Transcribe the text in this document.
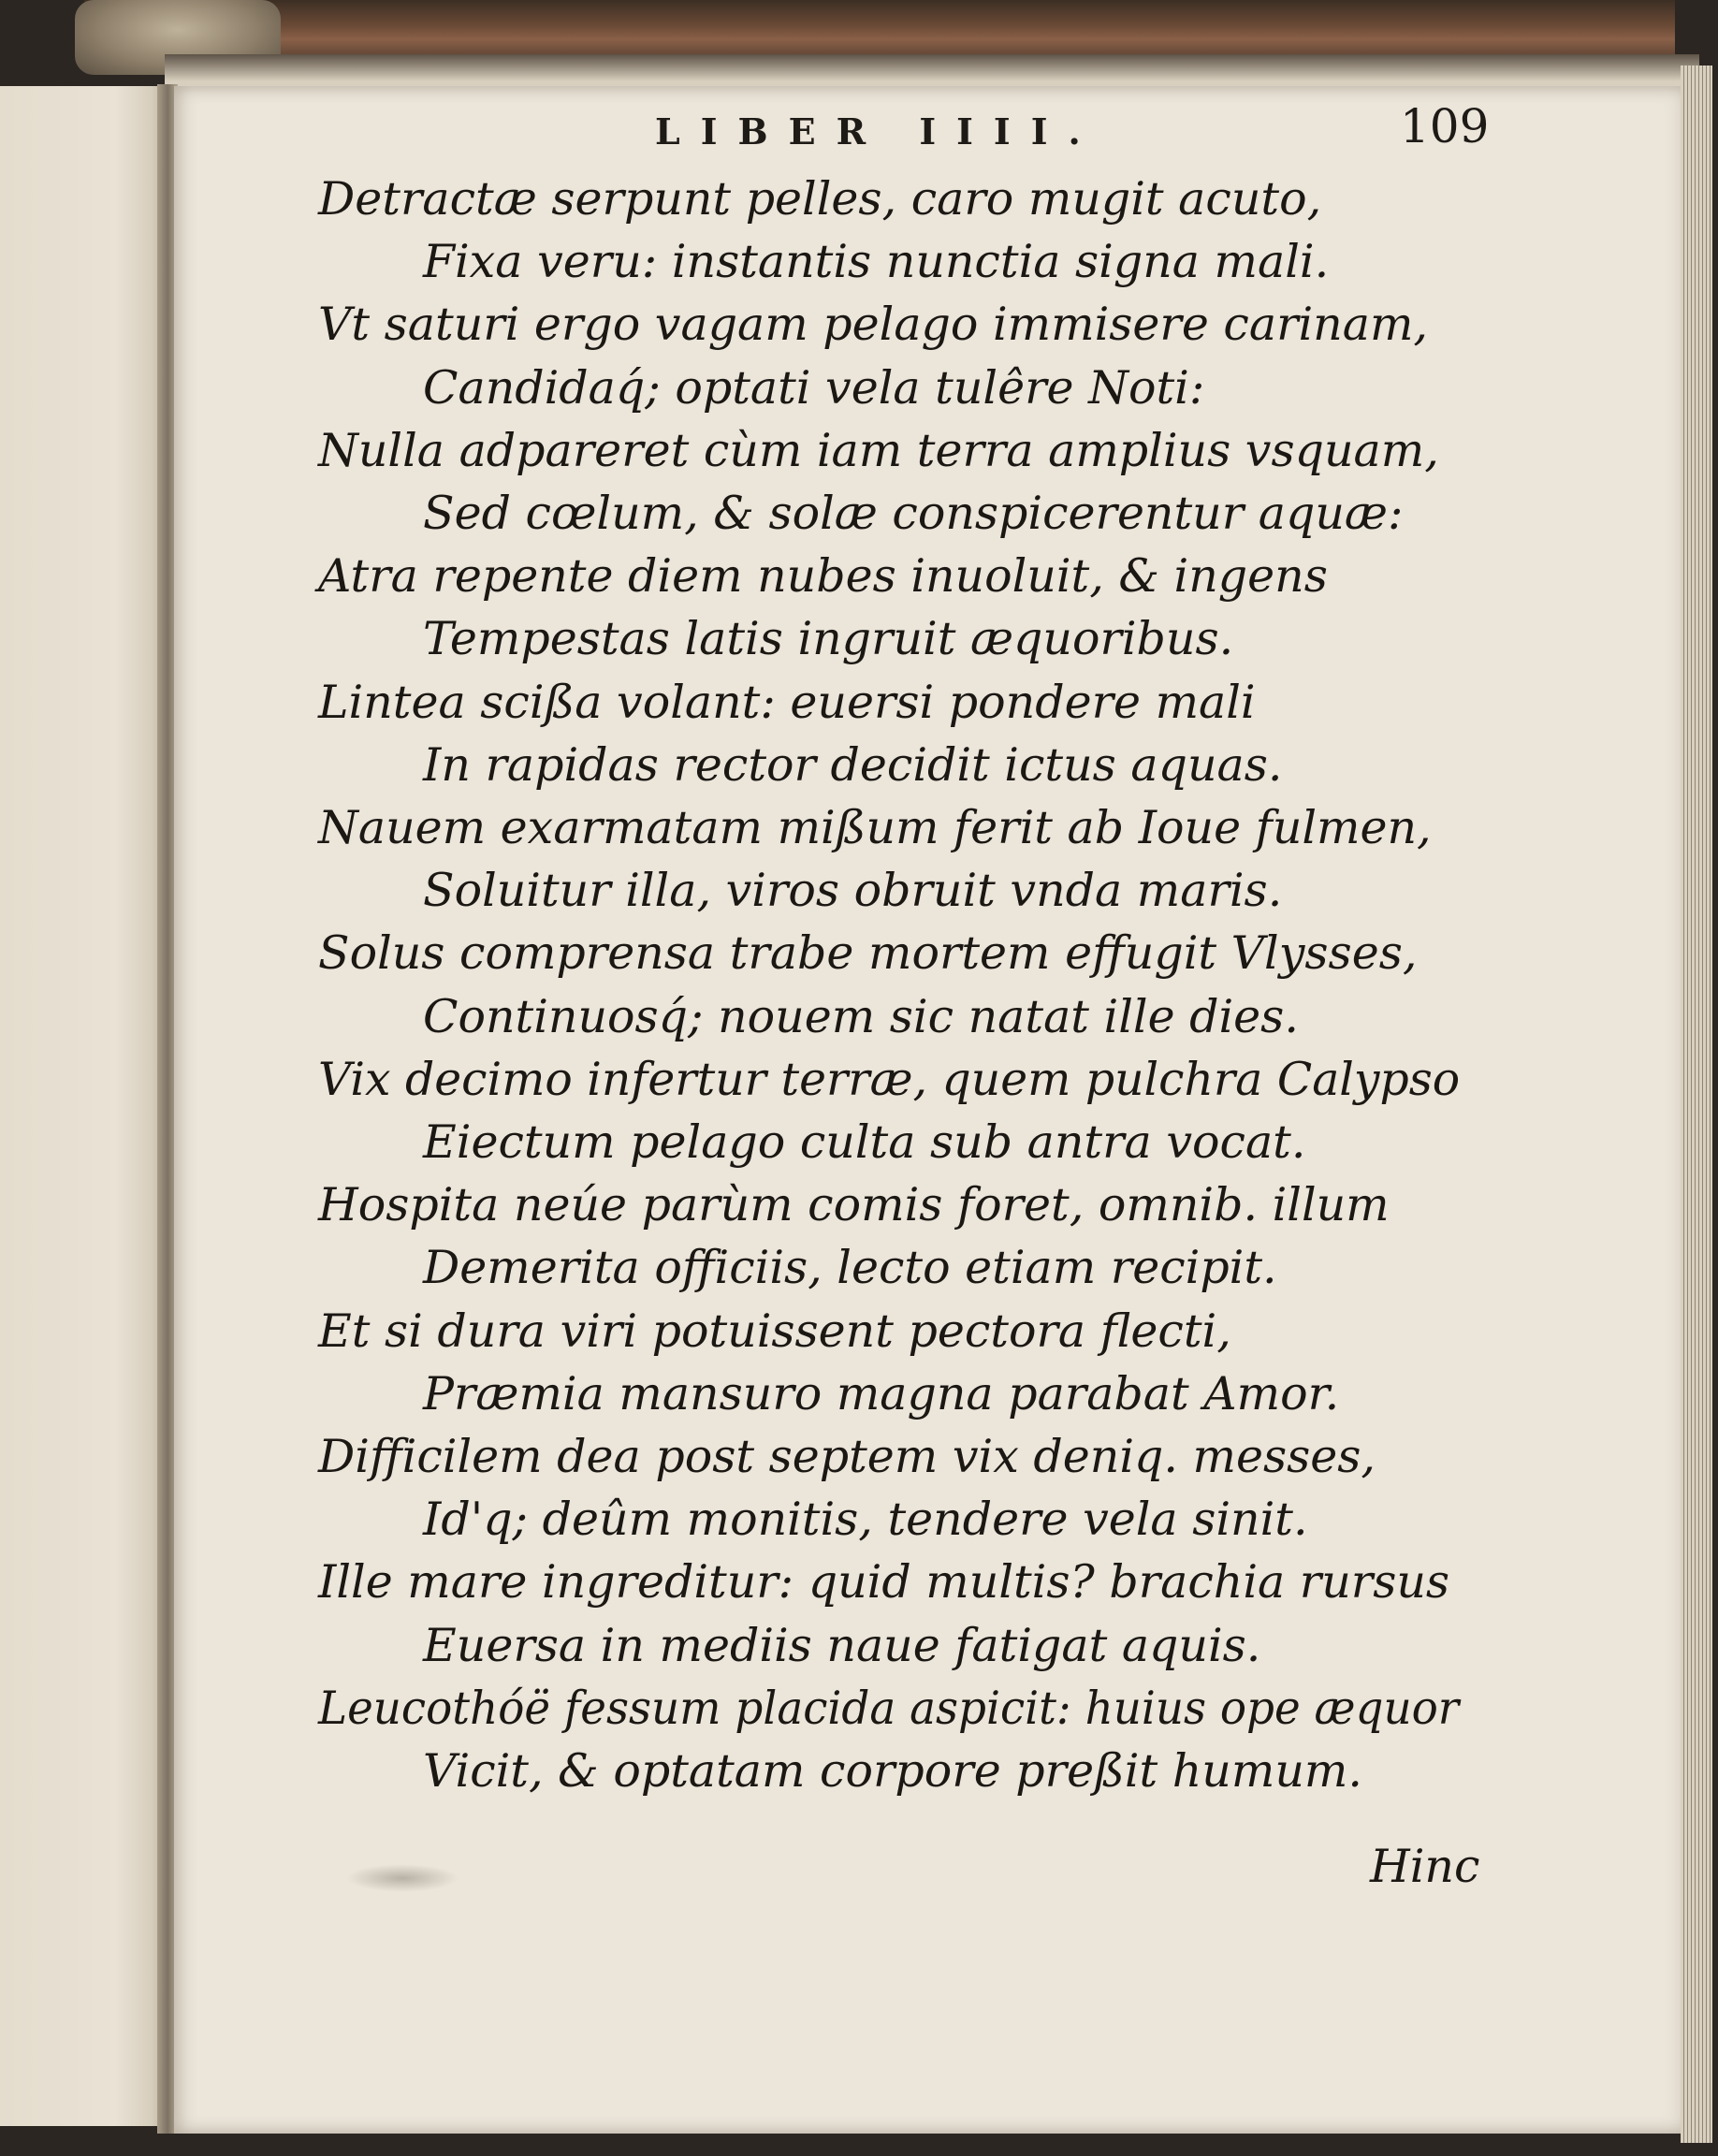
LIBER IIII.	109
Detractæ serpunt pelles, caro mugit acuto,
Fixa veru: instantis nunctia signa mali.
Vt saturi ergo vagam pelago immisere carinam,
Candidaq́; optati vela tulêre Noti:
Nulla adpareret cùm iam terra amplius vsquam,
Sed cœlum, & solæ conspicerentur aquæ:
Atra repente diem nubes inuoluit, & ingens
Tempestas latis ingruit æquoribus.
Lintea scißa volant: euersi pondere mali
In rapidas rector decidit ictus aquas.
Nauem exarmatam mißum ferit ab Ioue fulmen,
Soluitur illa, viros obruit vnda maris.
Solus comprensa trabe mortem effugit Vlysses,
Continuosq́; nouem sic natat ille dies.
Vix decimo infertur terræ, quem pulchra Calypso
Eiectum pelago culta sub antra vocat.
Hospita neúe parùm comis foret, omnib. illum
Demerita officiis, lecto etiam recipit.
Et si dura viri potuissent pectora flecti,
Præmia mansuro magna parabat Amor.
Difficilem dea post septem vix deniq. messes,
Id'q; deûm monitis, tendere vela sinit.
Ille mare ingreditur: quid multis? brachia rursus
Euersa in mediis naue fatigat aquis.
Leucothóë fessum placida aspicit: huius ope æquor
Vicit, & optatam corpore preßit humum.
Hinc
